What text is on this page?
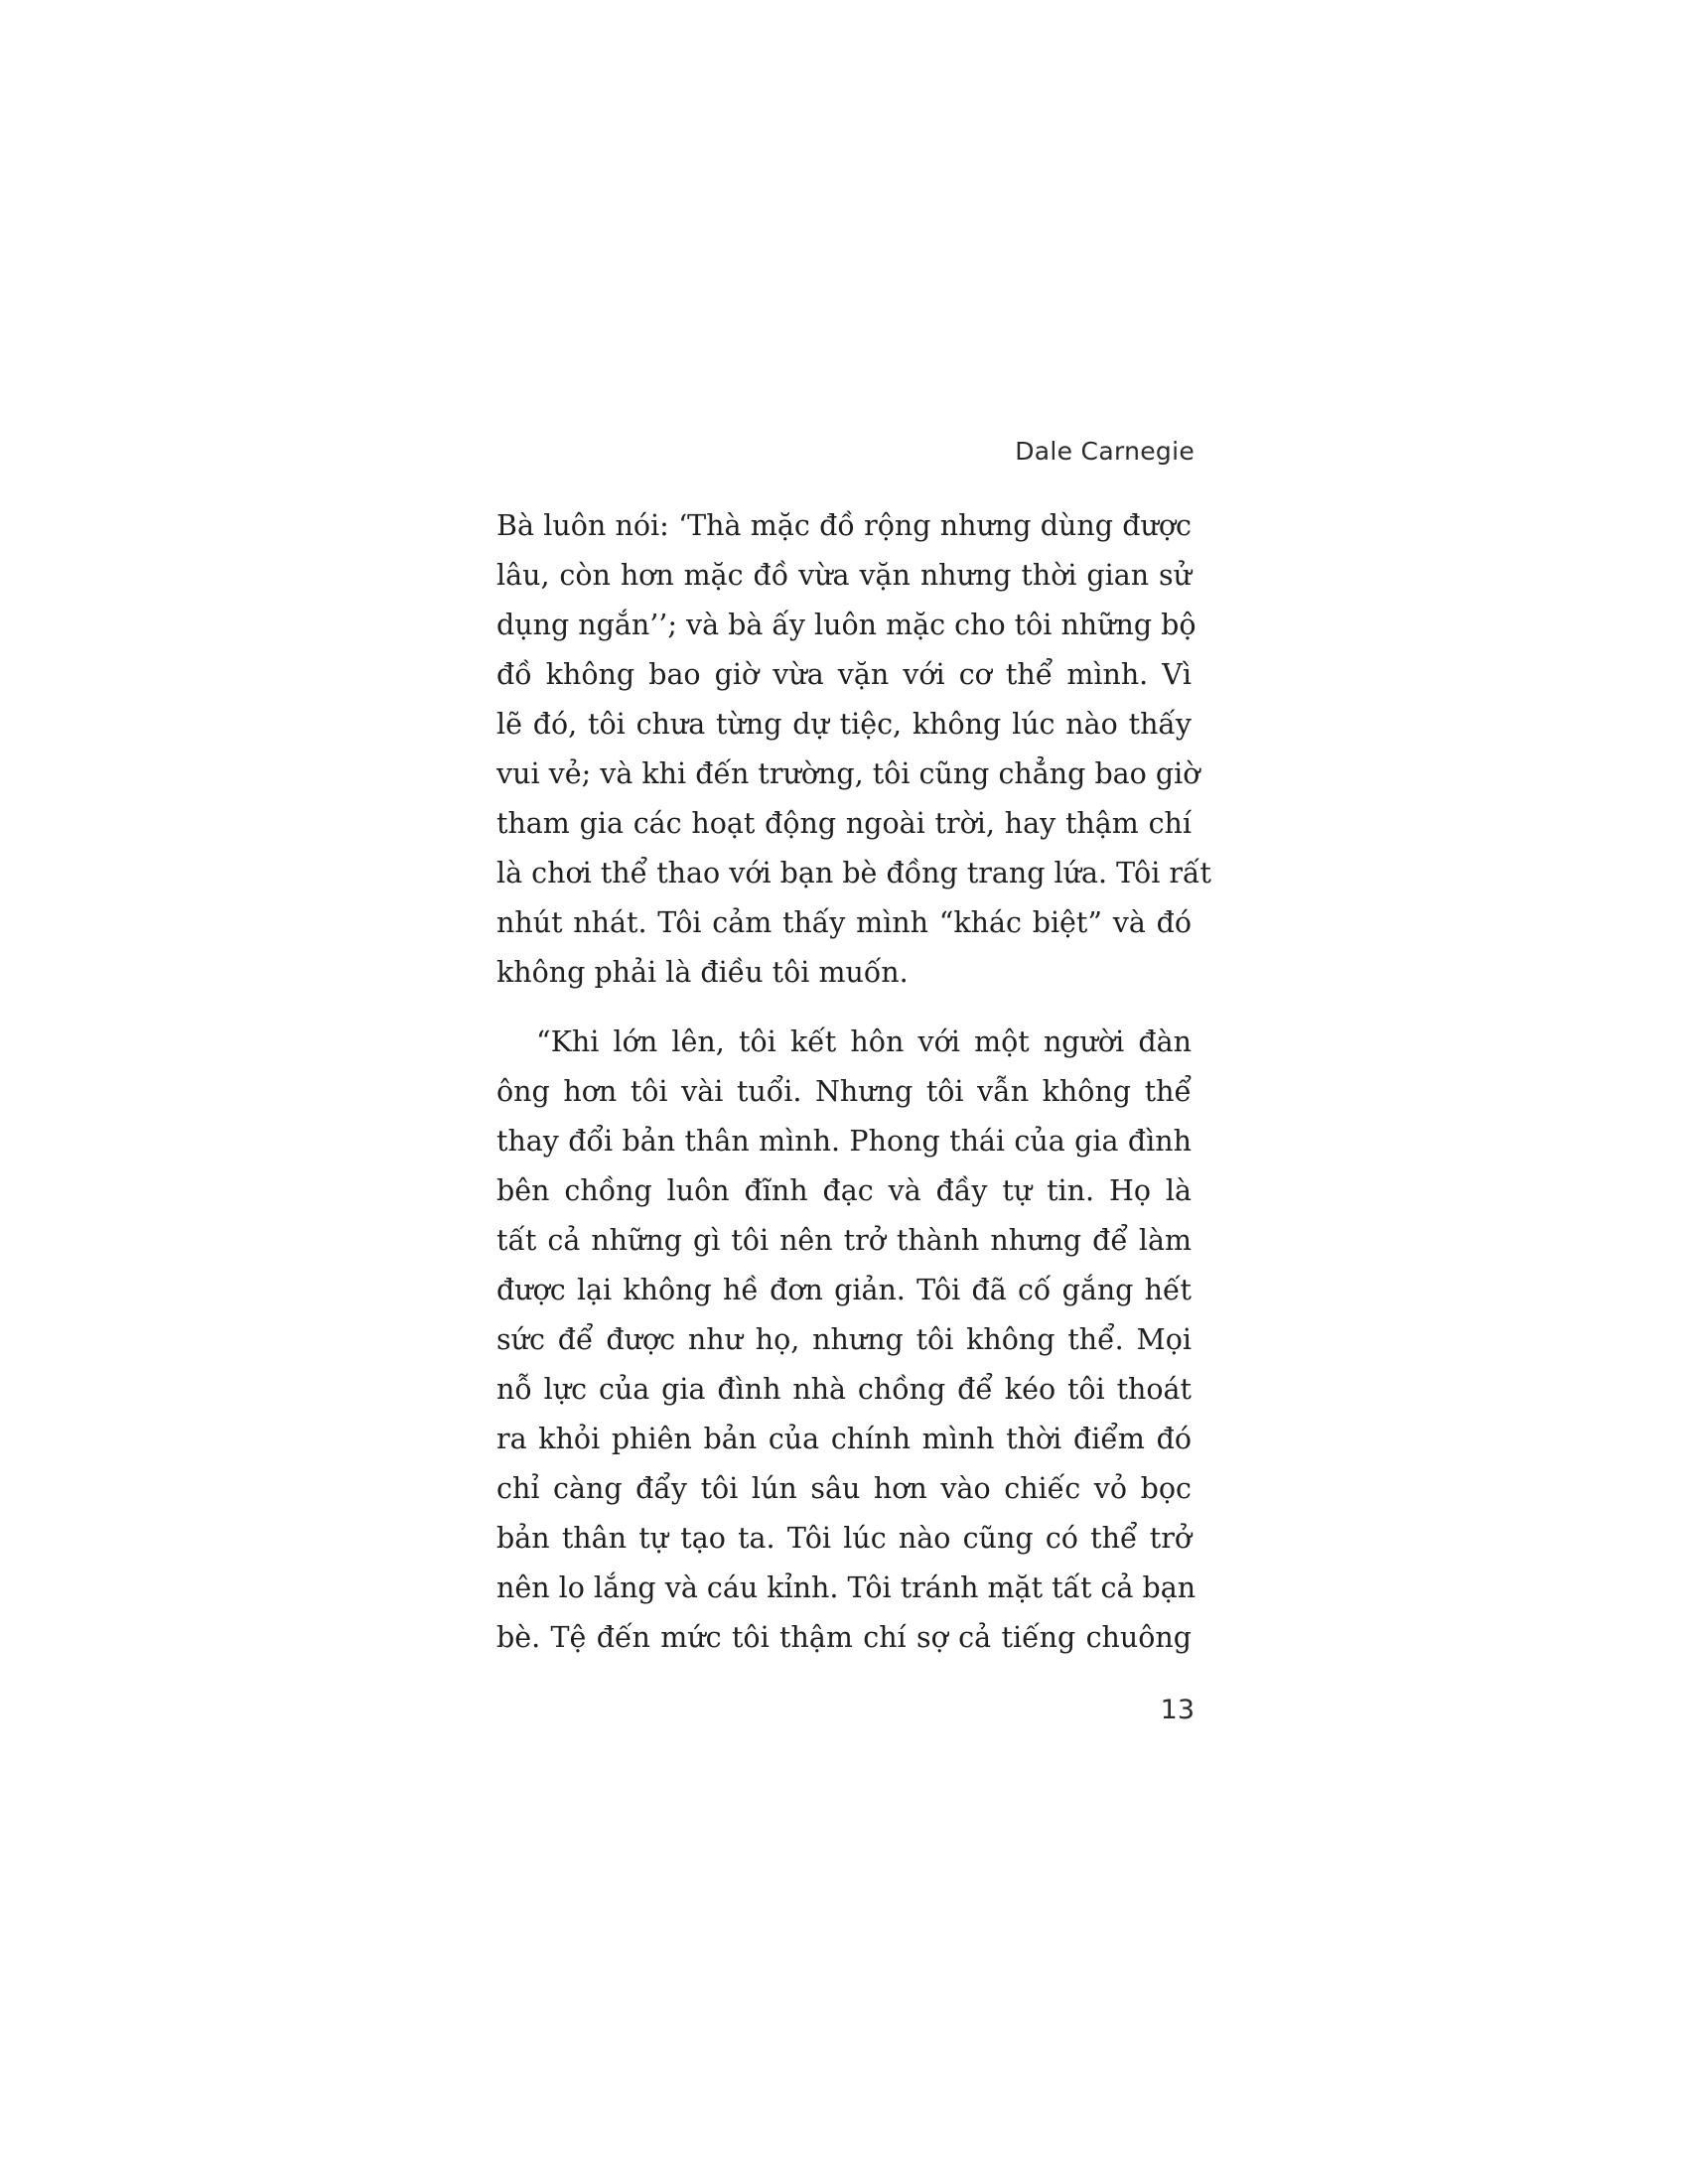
Dale Carnegie
Bà luôn nói: ‘Thà mặc đồ rộng nhưng dùng được
lâu, còn hơn mặc đồ vừa vặn nhưng thời gian sử
dụng ngắn’’; và bà ấy luôn mặc cho tôi những bộ
đồ không bao giờ vừa vặn với cơ thể mình. Vì
lẽ đó, tôi chưa từng dự tiệc, không lúc nào thấy
vui vẻ; và khi đến trường, tôi cũng chẳng bao giờ
tham gia các hoạt động ngoài trời, hay thậm chí
là chơi thể thao với bạn bè đồng trang lứa. Tôi rất
nhút nhát. Tôi cảm thấy mình “khác biệt” và đó
không phải là điều tôi muốn.
“Khi lớn lên, tôi kết hôn với một người đàn
ông hơn tôi vài tuổi. Nhưng tôi vẫn không thể
thay đổi bản thân mình. Phong thái của gia đình
bên chồng luôn đĩnh đạc và đầy tự tin. Họ là
tất cả những gì tôi nên trở thành nhưng để làm
được lại không hề đơn giản. Tôi đã cố gắng hết
sức để được như họ, nhưng tôi không thể. Mọi
nỗ lực của gia đình nhà chồng để kéo tôi thoát
ra khỏi phiên bản của chính mình thời điểm đó
chỉ càng đẩy tôi lún sâu hơn vào chiếc vỏ bọc
bản thân tự tạo ta. Tôi lúc nào cũng có thể trở
nên lo lắng và cáu kỉnh. Tôi tránh mặt tất cả bạn
bè. Tệ đến mức tôi thậm chí sợ cả tiếng chuông
13
